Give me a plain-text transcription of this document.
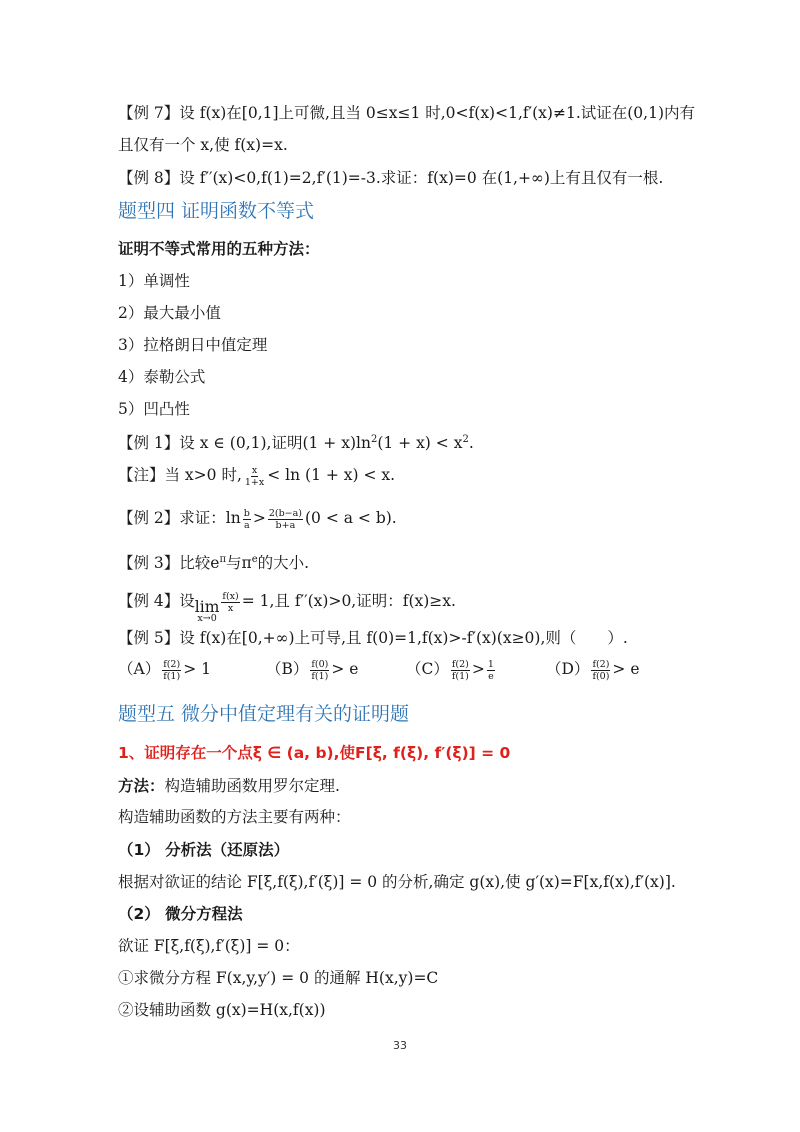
【例 7】设 f(x)在[0,1]上可微,且当 0≤x≤1 时,0<f(x)<1,f′(x)≠1.试证在(0,1)内有
且仅有一个 x,使 f(x)=x.
【例 8】设 f′′(x)<0,f(1)=2,f′(1)=-3.求证：f(x)=0 在(1,+∞)上有且仅有一根.
题型四 证明函数不等式
证明不等式常用的五种方法：
1）单调性
2）最大最小值
3）拉格朗日中值定理
4）泰勒公式
5）凹凸性
【例 1】设 x ∈ (0,1),证明$(1 + x)\ln^2(1 + x) < x^2$.
【注】当 x>0 时, $\frac{x}{1+x} < \ln (1 + x) < x$.
【例 2】求证：$\ln \frac{b}{a} > \frac{2(b-a)}{b+a} (0 < a < b)$.
【例 3】比较$e^\pi$与$\pi^e$的大小.
【例 4】设 lim
x→0
$\frac{f(x)}{x} = 1$,且 f′′(x)>0,证明：f(x)≥x.
【例 5】设 f(x)在[0,+∞)上可导,且 f(0)=1,f(x)>-f′(x)(x≥0),则（　　）.
$(A) \frac{f(2)}{f(1)} > 1$	$(B) \frac{f(0)}{f(1)} > e$	$(C) \frac{f(2)}{f(1)} > \frac{1}{e}$	$(D) \frac{f(2)}{f(0)} > e$
题型五 微分中值定理有关的证明题
1、证明存在一个点ξ ∈ (a, b),使F[ξ, f(ξ), f′(ξ)] = 0
方法：构造辅助函数用罗尔定理.
构造辅助函数的方法主要有两种：
（1） 分析法（还原法）
根据对欲证的结论 F[ξ,f(ξ),f′(ξ)] = 0 的分析,确定 g(x),使 g′(x)=F[x,f(x),f′(x)].
（2） 微分方程法
欲证 F[ξ,f(ξ),f′(ξ)] = 0：
①求微分方程 F(x,y,y′) = 0 的通解 H(x,y)=C
②设辅助函数 g(x)=H(x,f(x))
33
